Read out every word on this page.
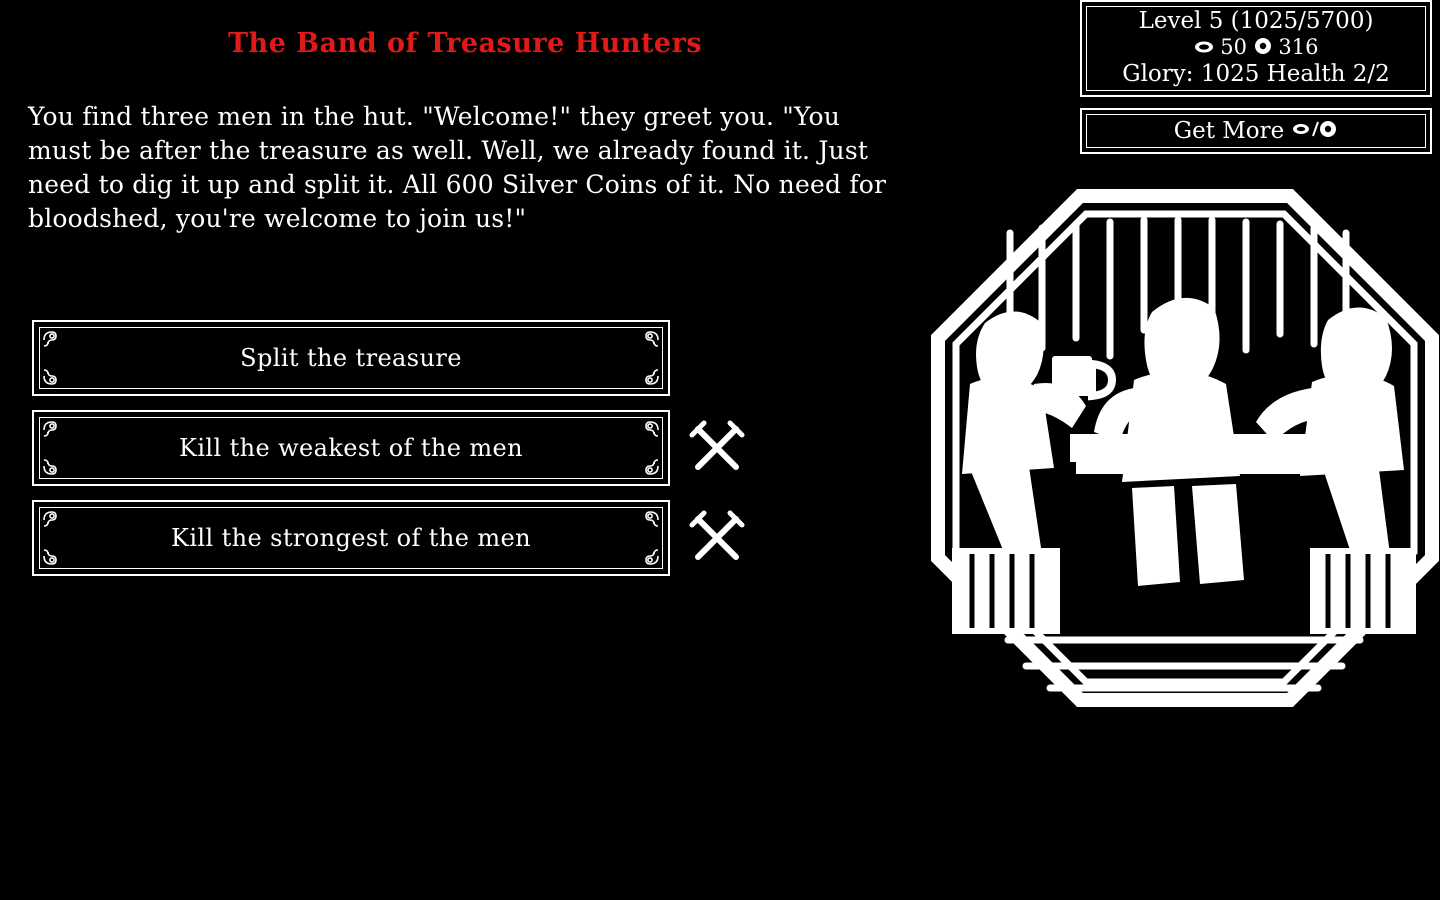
The Band of Treasure Hunters
You find three men in the hut. "Welcome!" they greet you. "You must be after the treasure as well. Well, we already found it. Just need to dig it up and split it. All 600 Silver Coins of it. No need for bloodshed, you're welcome to join us!"
Split the treasure
Kill the weakest of the men
Kill the strongest of the men
Level 5 (1025/5700)
50 316
Glory: 1025 Health 2/2
Get More
